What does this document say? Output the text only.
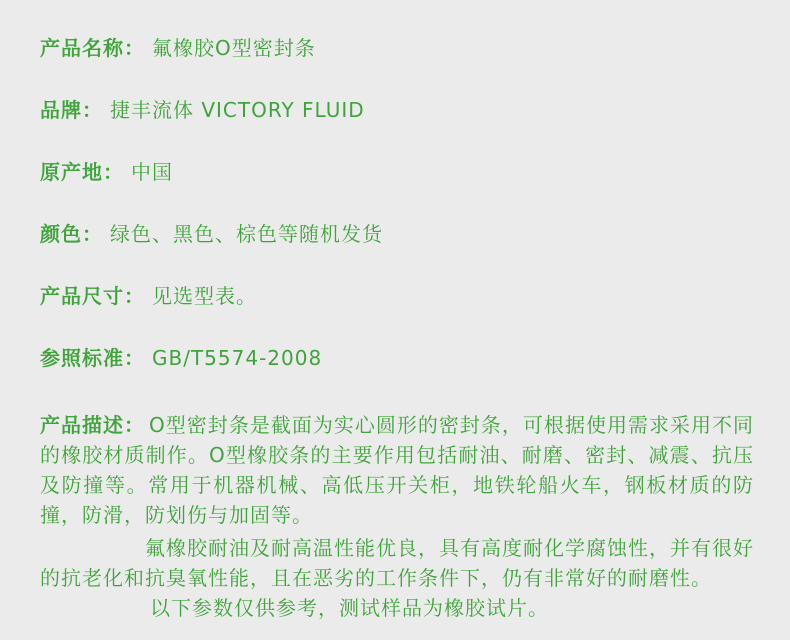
产品名称： 氟橡胶O型密封条
品牌： 捷丰流体 VICTORY FLUID
原产地： 中国
颜色： 绿色、黑色、棕色等随机发货
产品尺寸： 见选型表。
参照标准： GB/T5574-2008

产品描述： O型密封条是截面为实心圆形的密封条，可根据使用需求采用不同的橡胶材质制作。O型橡胶条的主要作用包括耐油、耐磨、密封、减震、抗压及防撞等。常用于机器机械、高低压开关柜，地铁轮船火车，钢板材质的防撞，防滑，防划伤与加固等。

氟橡胶耐油及耐高温性能优良，具有高度耐化学腐蚀性，并有很好的抗老化和抗臭氧性能，且在恶劣的工作条件下，仍有非常好的耐磨性。

以下参数仅供参考，测试样品为橡胶试片。
